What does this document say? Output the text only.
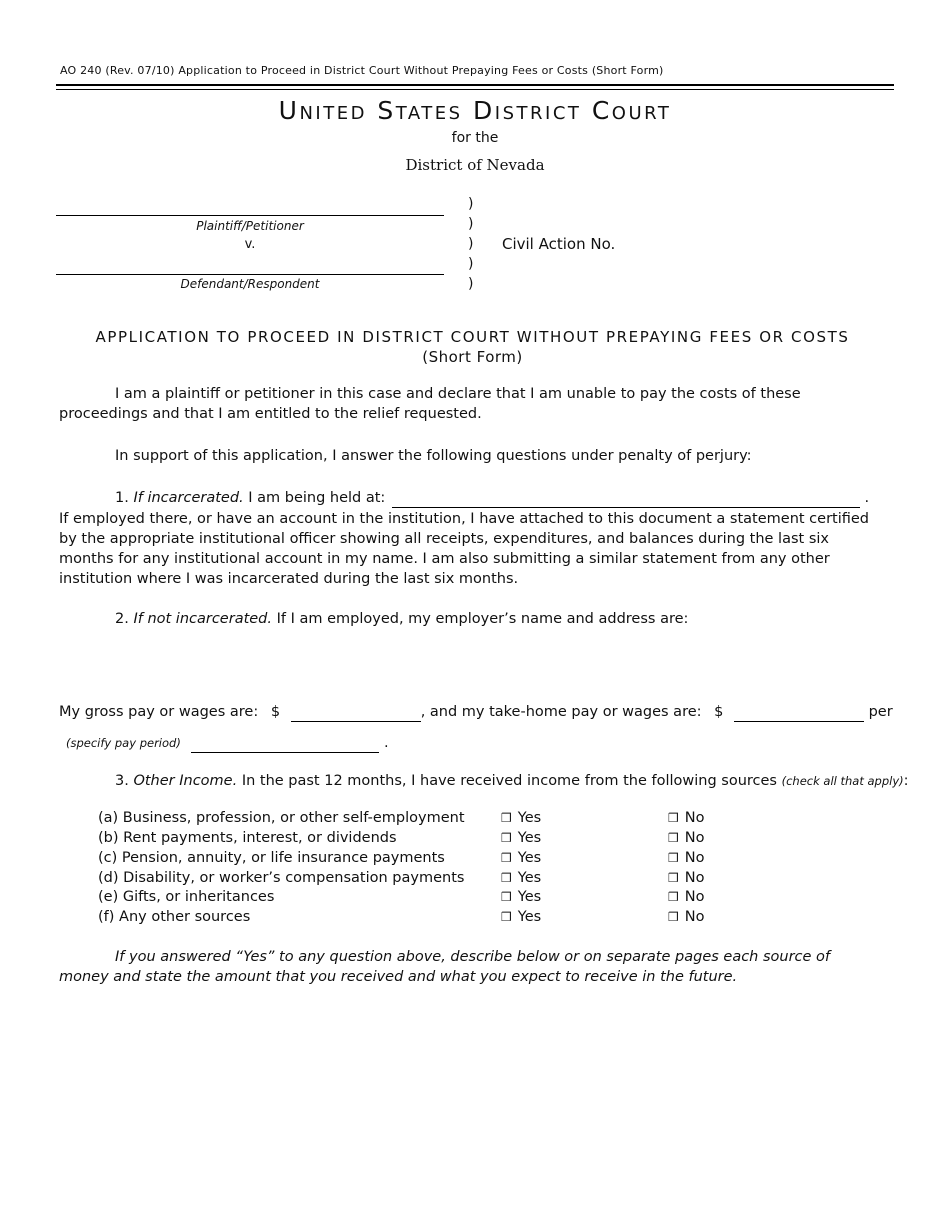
AO 240 (Rev. 07/10) Application to Proceed in District Court Without Prepaying Fees or Costs (Short Form)
United States District Court
for the
District of Nevada
Plaintiff/Petitioner
v.
Defendant/Respondent
)
)
)
)
)
Civil Action No.
APPLICATION TO PROCEED IN DISTRICT COURT WITHOUT PREPAYING FEES OR COSTS
(Short Form)
I am a plaintiff or petitioner in this case and declare that I am unable to pay the costs of these proceedings and that I am entitled to the relief requested.
In support of this application, I answer the following questions under penalty of perjury:
1. If incarcerated. I am being held at:	.
If employed there, or have an account in the institution, I have attached to this document a statement certified by the appropriate institutional officer showing all receipts, expenditures, and balances during the last six months for any institutional account in my name. I am also submitting a similar statement from any other institution where I was incarcerated during the last six months.
2. If not incarcerated. If I am employed, my employer’s name and address are:
My gross pay or wages are: $	, and my take-home pay or wages are: $	per
(specify pay period)	.
3. Other Income. In the past 12 months, I have received income from the following sources (check all that apply):
(a) Business, profession, or other self-employment	❒ Yes	❒ No
(b) Rent payments, interest, or dividends	❒ Yes	❒ No
(c) Pension, annuity, or life insurance payments	❒ Yes	❒ No
(d) Disability, or worker’s compensation payments	❒ Yes	❒ No
(e) Gifts, or inheritances	❒ Yes	❒ No
(f) Any other sources	❒ Yes	❒ No
If you answered “Yes” to any question above, describe below or on separate pages each source of money and state the amount that you received and what you expect to receive in the future.
